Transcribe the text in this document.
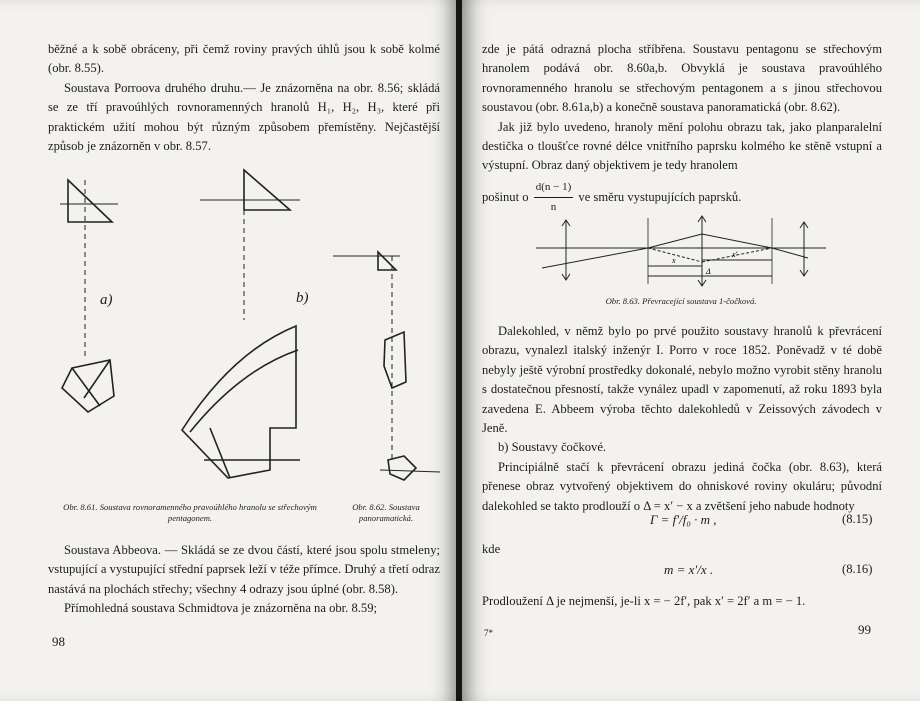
běžné a k sobě obráceny, při čemž roviny pravých úhlů jsou k sobě kolmé (obr. 8.55).

Soustava Porroova druhého druhu.— Je znázorněna na obr. 8.56; skládá se ze tří pravoúhlých rovnoramenných hranolů H₁, H₂, H₃, které při praktickém užití mohou být různým způsobem přemístěny. Nejčastější způsob je znázorněn v obr. 8.57.

a)	b)
Obr. 8.61. Soustava rovnoramenného pravoúhlého hranolu se střechovým pentagonem.
Obr. 8.62. Soustava panoramatická.

Soustava Abbeova. — Skládá se ze dvou částí, které jsou spolu stmeleny; vstupující a vystupující střední paprsek leží v téže přímce. Druhý a třetí odraz nastává na plochách střechy; všechny 4 odrazy jsou úplné (obr. 8.58).

Přímohledná soustava Schmidtova je znázorněna na obr. 8.59;

98

zde je pátá odrazná plocha stříbřena. Soustavu pentagonu se střechovým hranolem podává obr. 8.60a,b. Obvyklá je soustava pravoúhlého rovnoramenného hranolu se střechovým pentagonem a s jinou střechovou soustavou (obr. 8.61a,b) a konečně soustava panoramatická (obr. 8.62).

Jak již bylo uvedeno, hranoly mění polohu obrazu tak, jako planparalelní destička o tloušťce rovné délce vnitřního paprsku kolmého ke stěně vstupní a výstupní. Obraz daný objektivem je tedy hranolem

pošinut o $\frac{d(n - 1)}{n}$ ve směru vystupujících paprsků.

x
x'
Δ
Obr. 8.63. Převracející soustava 1-čočková.

Dalekohled, v němž bylo po prvé použito soustavy hranolů k převrácení obrazu, vynalezl italský inženýr I. Porro v roce 1852. Poněvadž v té době nebyly ještě výrobní prostředky dokonalé, nebylo možno vyrobit stěny hranolu s dostatečnou přesností, takže vynález upadl v zapomenutí, až roku 1893 byla zavedena E. Abbeem výroba těchto dalekohledů v Zeissových závodech v Jeně.

b) Soustavy čočkové.

Principiálně stačí k převrácení obrazu jediná čočka (obr. 8.63), která přenese obraz vytvořený objektivem do ohniskové roviny okuláru; původní dalekohled se takto prodlouží o Δ = x′ − x a zvětšení jeho nabude hodnoty

Γ = f′/f₀ · m ,	(8.15)
kde
m = x′/x .	(8.16)
Prodloužení Δ je nejmenší, je-li x = − 2f′, pak x′ = 2f′ a m = − 1.
7*	99
